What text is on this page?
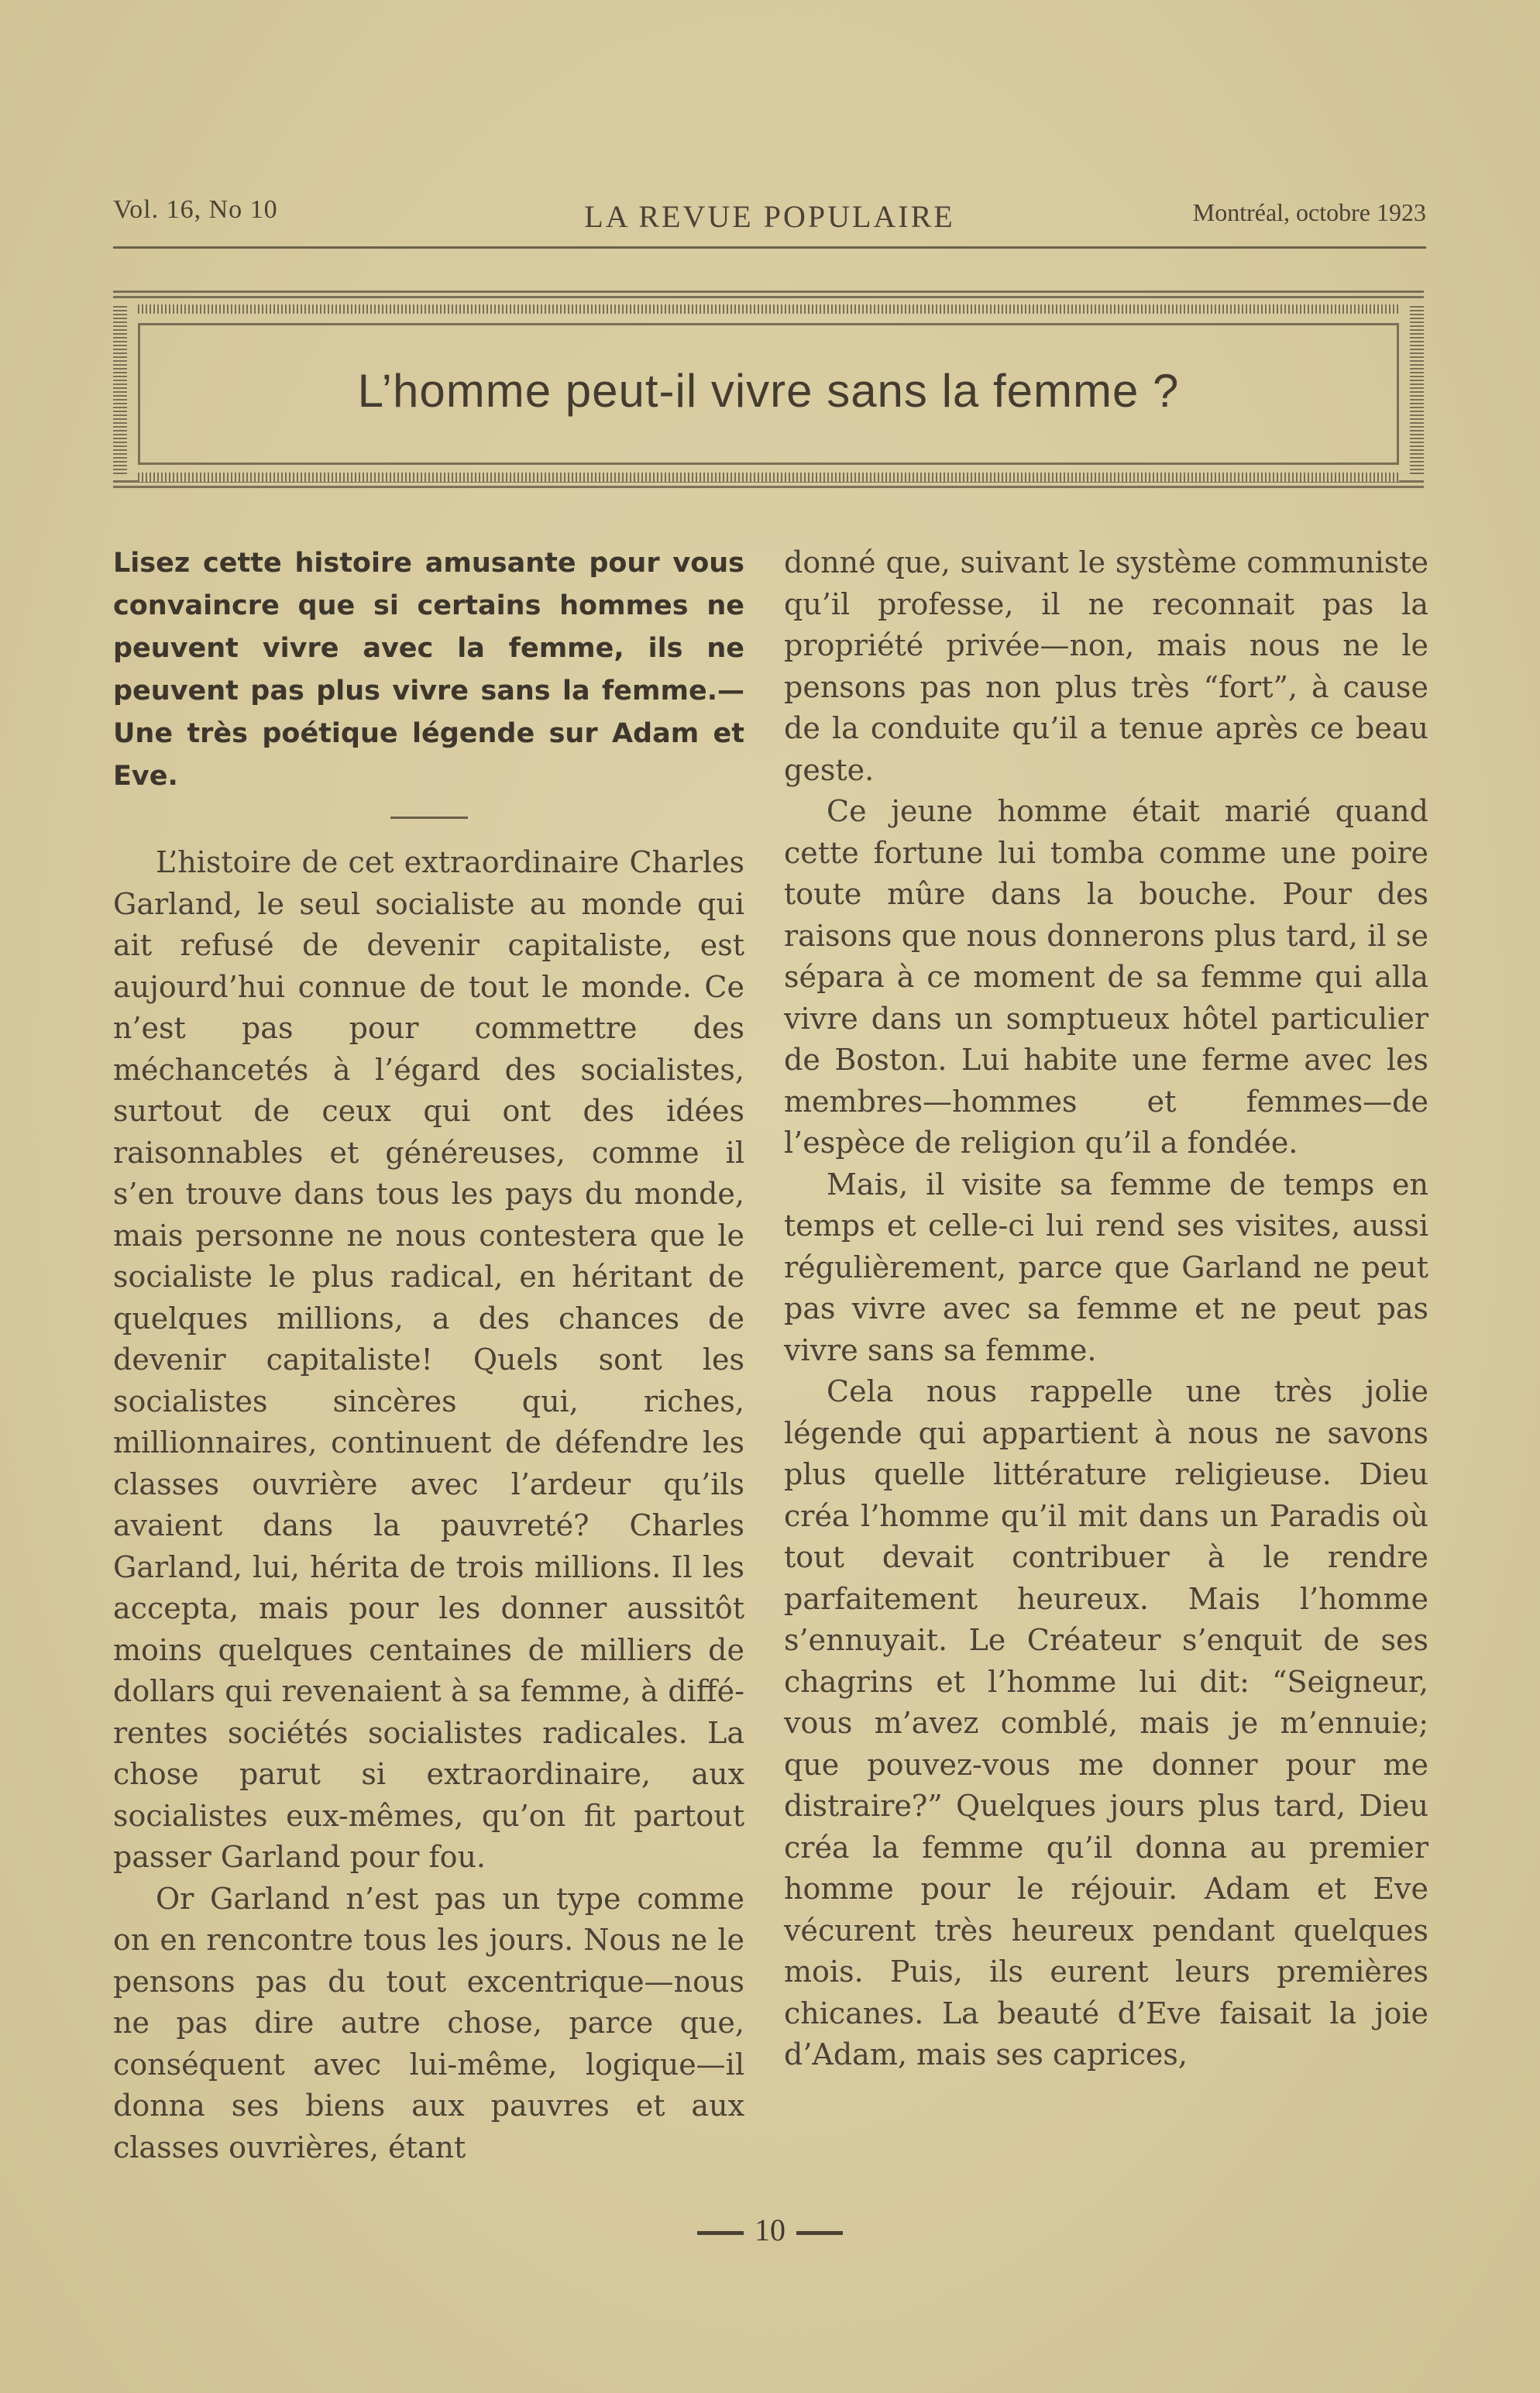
Vol. 16, No 10	LA REVUE POPULAIRE	Montréal, octobre 1923
L’homme peut-il vivre sans la femme ?

Lisez cette histoire amusante pour vous convaincre que si certains hommes ne peuvent vivre avec la femme, ils ne peuvent pas plus vivre sans la femme.—Une très poétique légende sur Adam et Eve.

L’histoire de cet extraordinaire Charles Garland, le seul socialiste au monde qui ait refusé de devenir capitaliste, est aujourd’hui connue de tout le monde. Ce n’est pas pour commettre des méchancetés à l’égard des socialistes, surtout de ceux qui ont des idées raisonnables et généreuses, comme il s’en trouve dans tous les pays du monde, mais personne ne nous contestera que le socialiste le plus radical, en héritant de quelques millions, a des chances de devenir capitaliste! Quels sont les socialistes sincères qui, riches, millionnaires, continuent de défendre les classes ouvrière avec l’ardeur qu’ils avaient dans la pauvreté? Charles Garland, lui, hérita de trois millions. Il les accepta, mais pour les donner aussitôt moins quelques centaines de milliers de dollars qui revenaient à sa femme, à différentes sociétés socialistes radicales. La chose parut si extraordinaire, aux socialistes eux-mêmes, qu’on fit partout passer Garland pour fou.

Or Garland n’est pas un type comme on en rencontre tous les jours. Nous ne le pensons pas du tout excentrique—nous ne pas dire autre chose, parce que, conséquent avec lui-même, logique—il donna ses biens aux pauvres et aux classes ouvrières, étant

donné que, suivant le système communiste qu’il professe, il ne reconnait pas la propriété privée—non, mais nous ne le pensons pas non plus très “fort”, à cause de la conduite qu’il a tenue après ce beau geste.

Ce jeune homme était marié quand cette fortune lui tomba comme une poire toute mûre dans la bouche. Pour des raisons que nous donnerons plus tard, il se sépara à ce moment de sa femme qui alla vivre dans un somptueux hôtel particulier de Boston. Lui habite une ferme avec les membres—hommes et femmes—de l’espèce de religion qu’il a fondée.

Mais, il visite sa femme de temps en temps et celle-ci lui rend ses visites, aussi régulièrement, parce que Garland ne peut pas vivre avec sa femme et ne peut pas vivre sans sa femme.

Cela nous rappelle une très jolie légende qui appartient à nous ne savons plus quelle littérature religieuse. Dieu créa l’homme qu’il mit dans un Paradis où tout devait contribuer à le rendre parfaitement heureux. Mais l’homme s’ennuyait. Le Créateur s’enquit de ses chagrins et l’homme lui dit: “Seigneur, vous m’avez comblé, mais je m’ennuie; que pouvez-vous me donner pour me distraire?” Quelques jours plus tard, Dieu créa la femme qu’il donna au premier homme pour le réjouir. Adam et Eve vécurent très heureux pendant quelques mois. Puis, ils eurent leurs premières chicanes. La beauté d’Eve faisait la joie d’Adam, mais ses caprices,

10
